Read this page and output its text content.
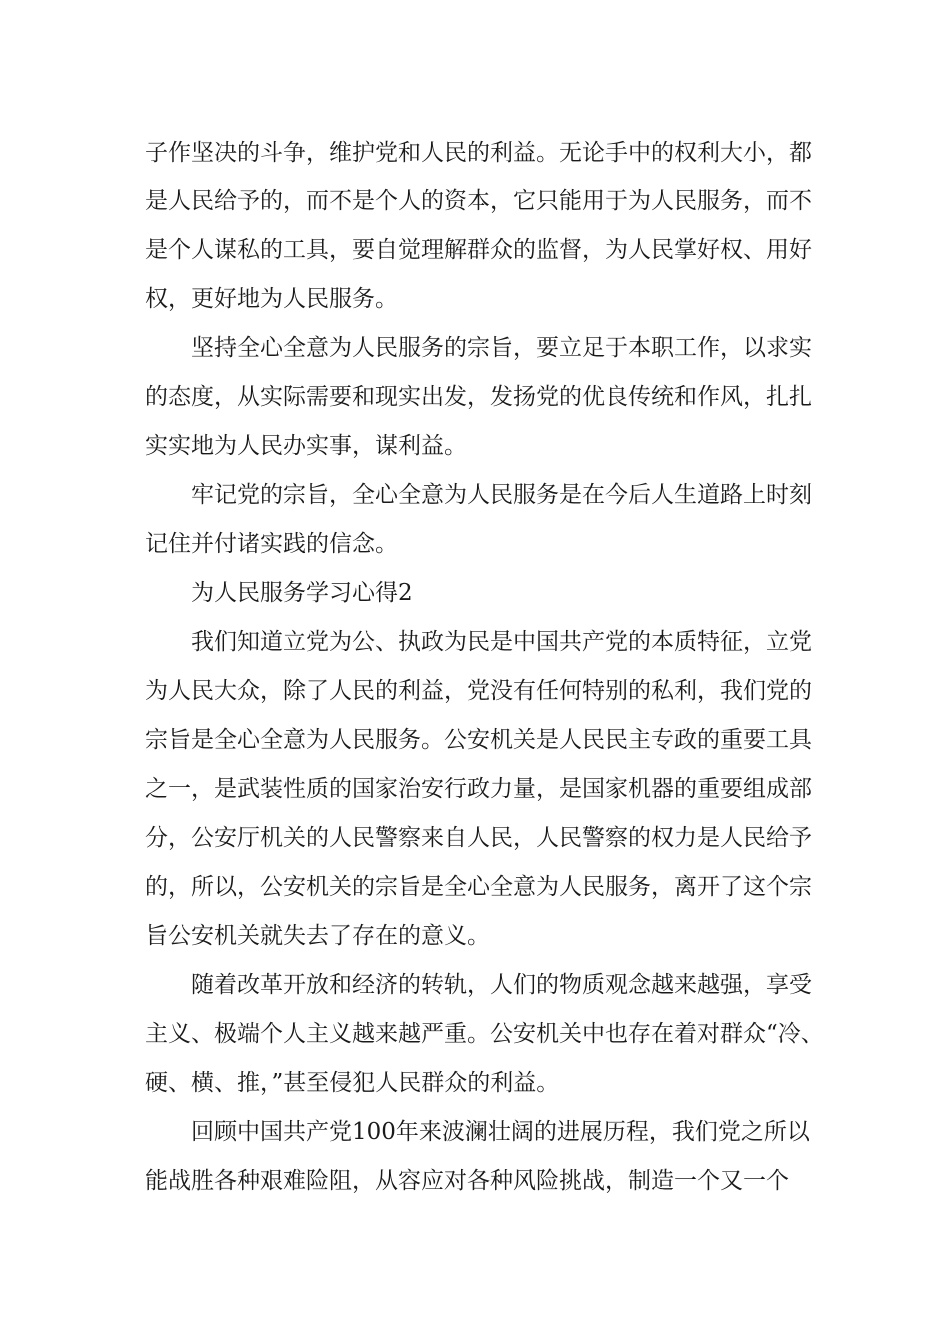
子作坚决的斗争，维护党和人民的利益。无论手中的权利大小，都
是人民给予的，而不是个人的资本，它只能用于为人民服务，而不
是个人谋私的工具，要自觉理解群众的监督，为人民掌好权、用好
权，更好地为人民服务。
坚持全心全意为人民服务的宗旨，要立足于本职工作，以求实
的态度，从实际需要和现实出发，发扬党的优良传统和作风，扎扎
实实地为人民办实事，谋利益。
牢记党的宗旨，全心全意为人民服务是在今后人生道路上时刻
记住并付诸实践的信念。
为人民服务学习心得2
我们知道立党为公、执政为民是中国共产党的本质特征，立党
为人民大众，除了人民的利益，党没有任何特别的私利，我们党的
宗旨是全心全意为人民服务。公安机关是人民民主专政的重要工具
之一，是武装性质的国家治安行政力量，是国家机器的重要组成部
分，公安厅机关的人民警察来自人民，人民警察的权力是人民给予
的，所以，公安机关的宗旨是全心全意为人民服务，离开了这个宗
旨公安机关就失去了存在的意义。
随着改革开放和经济的转轨，人们的物质观念越来越强，享受
主义、极端个人主义越来越严重。公安机关中也存在着对群众“冷、
硬、横、推，”甚至侵犯人民群众的利益。
回顾中国共产党100年来波澜壮阔的进展历程，我们党之所以
能战胜各种艰难险阻，从容应对各种风险挑战，制造一个又一个
